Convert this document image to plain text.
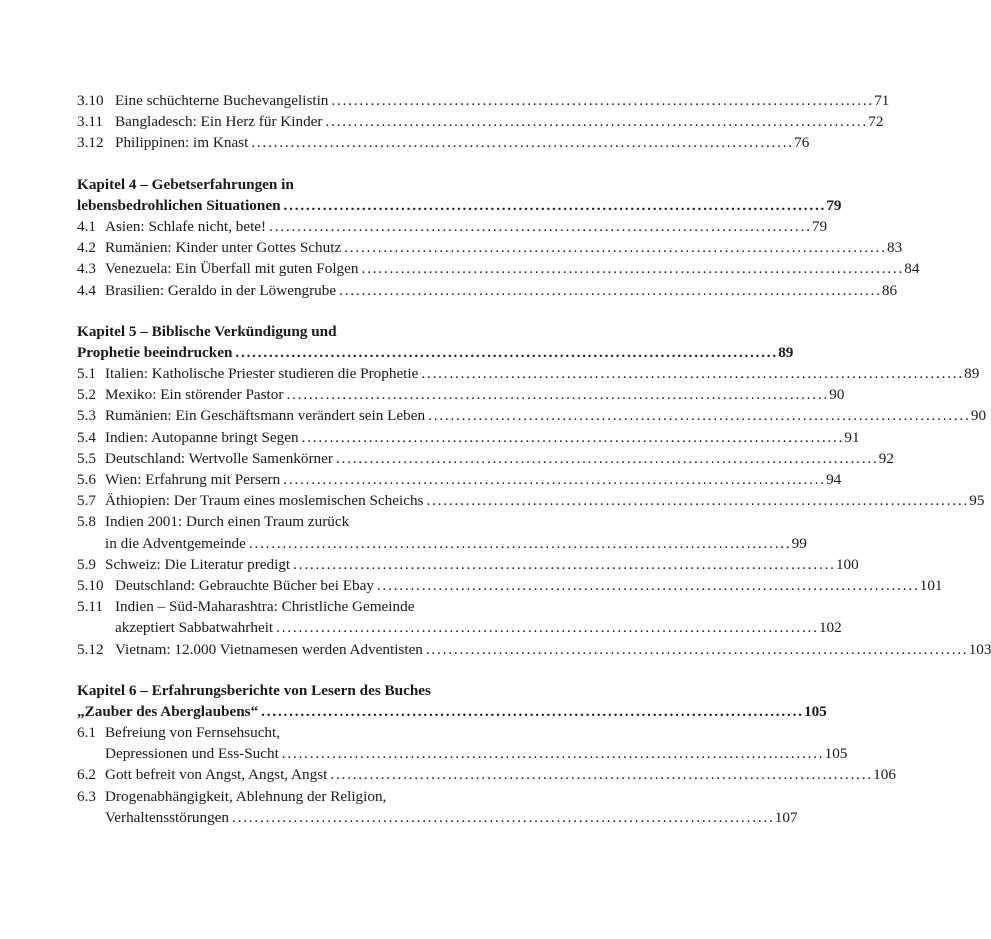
3.10 Eine schüchterne Buchevangelistin . . .	71
3.11 Bangladesch: Ein Herz für Kinder . . .	72
3.12 Philippinen: im Knast . . .	76
Kapitel 4 – Gebetserfahrungen in
lebensbedrohlichen Situationen . . .	79
4.1 Asien: Schlafe nicht, bete! . . .	79
4.2 Rumänien: Kinder unter Gottes Schutz . . .	83
4.3 Venezuela: Ein Überfall mit guten Folgen . . .	84
4.4 Brasilien: Geraldo in der Löwengrube . . .	86
Kapitel 5 – Biblische Verkündigung und
Prophetie beeindrucken . . .	89
5.1 Italien: Katholische Priester studieren die Prophetie . . .	89
5.2 Mexiko: Ein störender Pastor . . .	90
5.3 Rumänien: Ein Geschäftsmann verändert sein Leben . . .	90
5.4 Indien: Autopanne bringt Segen . . .	91
5.5 Deutschland: Wertvolle Samenkörner . . .	92
5.6 Wien: Erfahrung mit Persern . . .	94
5.7 Äthiopien: Der Traum eines moslemischen Scheichs . . .	95
5.8 Indien 2001: Durch einen Traum zurück
in die Adventgemeinde . . .	99
5.9 Schweiz: Die Literatur predigt . . .	100
5.10 Deutschland: Gebrauchte Bücher bei Ebay . . .	101
5.11 Indien – Süd-Maharashtra: Christliche Gemeinde
akzeptiert Sabbatwahrheit . . .	102
5.12 Vietnam: 12.000 Vietnamesen werden Adventisten . . .	103
Kapitel 6 – Erfahrungsberichte von Lesern des Buches
„Zauber des Aberglaubens“ . . .	105
6.1 Befreiung von Fernsehsucht,
Depressionen und Ess-Sucht . . .	105
6.2 Gott befreit von Angst, Angst, Angst . . .	106
6.3 Drogenabhängigkeit, Ablehnung der Religion,
Verhaltensstörungen . . .	107
